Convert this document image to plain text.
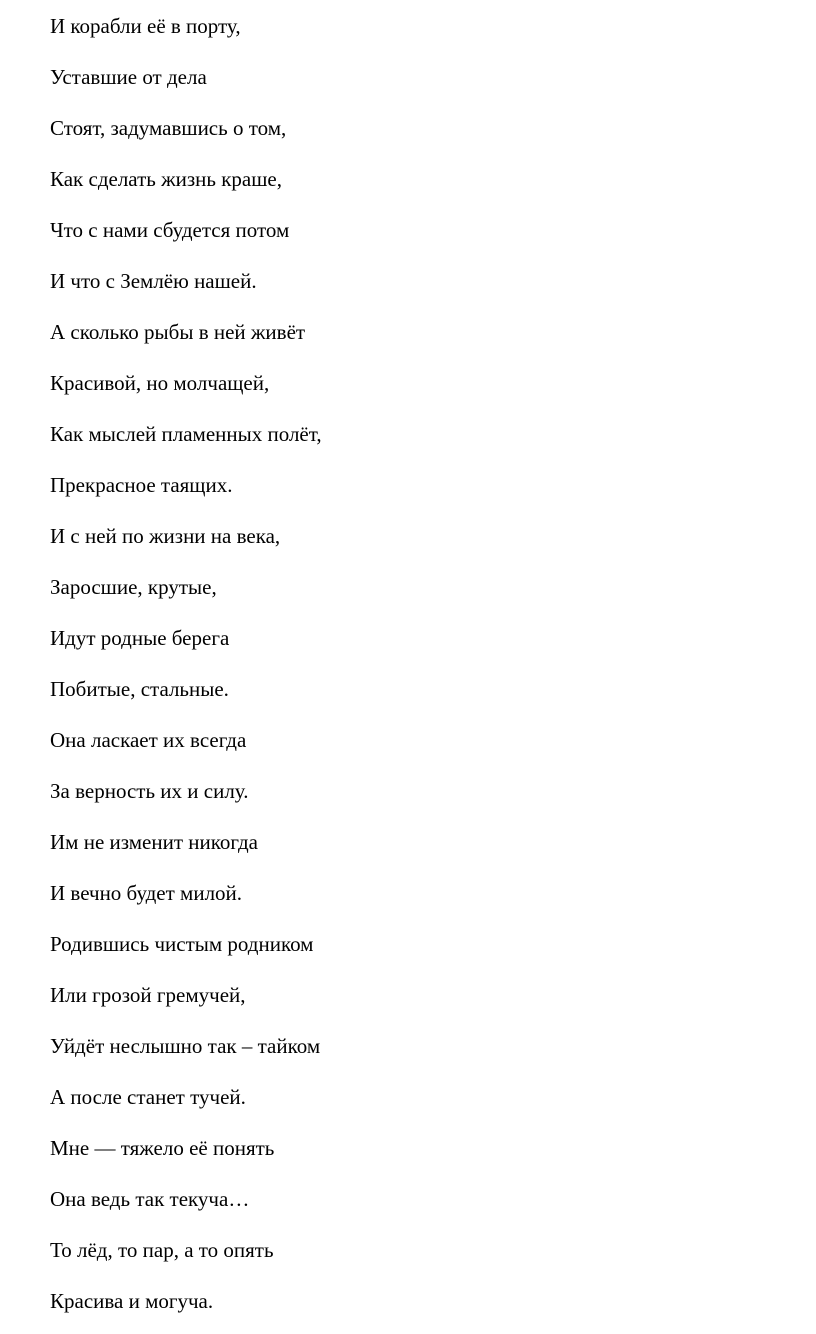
И корабли её в порту,
Уставшие от дела
Стоят, задумавшись о том,
Как сделать жизнь краше,
Что с нами сбудется потом
И что с Землёю нашей.
А сколько рыбы в ней живёт
Красивой, но молчащей,
Как мыслей пламенных полёт,
Прекрасное таящих.
И с ней по жизни на века,
Заросшие, крутые,
Идут родные берега
Побитые, стальные.
Она ласкает их всегда
За верность их и силу.
Им не изменит никогда
И вечно будет милой.
Родившись чистым родником
Или грозой гремучей,
Уйдёт неслышно так – тайком
А после станет тучей.
Мне — тяжело её понять
Она ведь так текуча…
То лёд, то пар, а то опять
Красива и могуча.
